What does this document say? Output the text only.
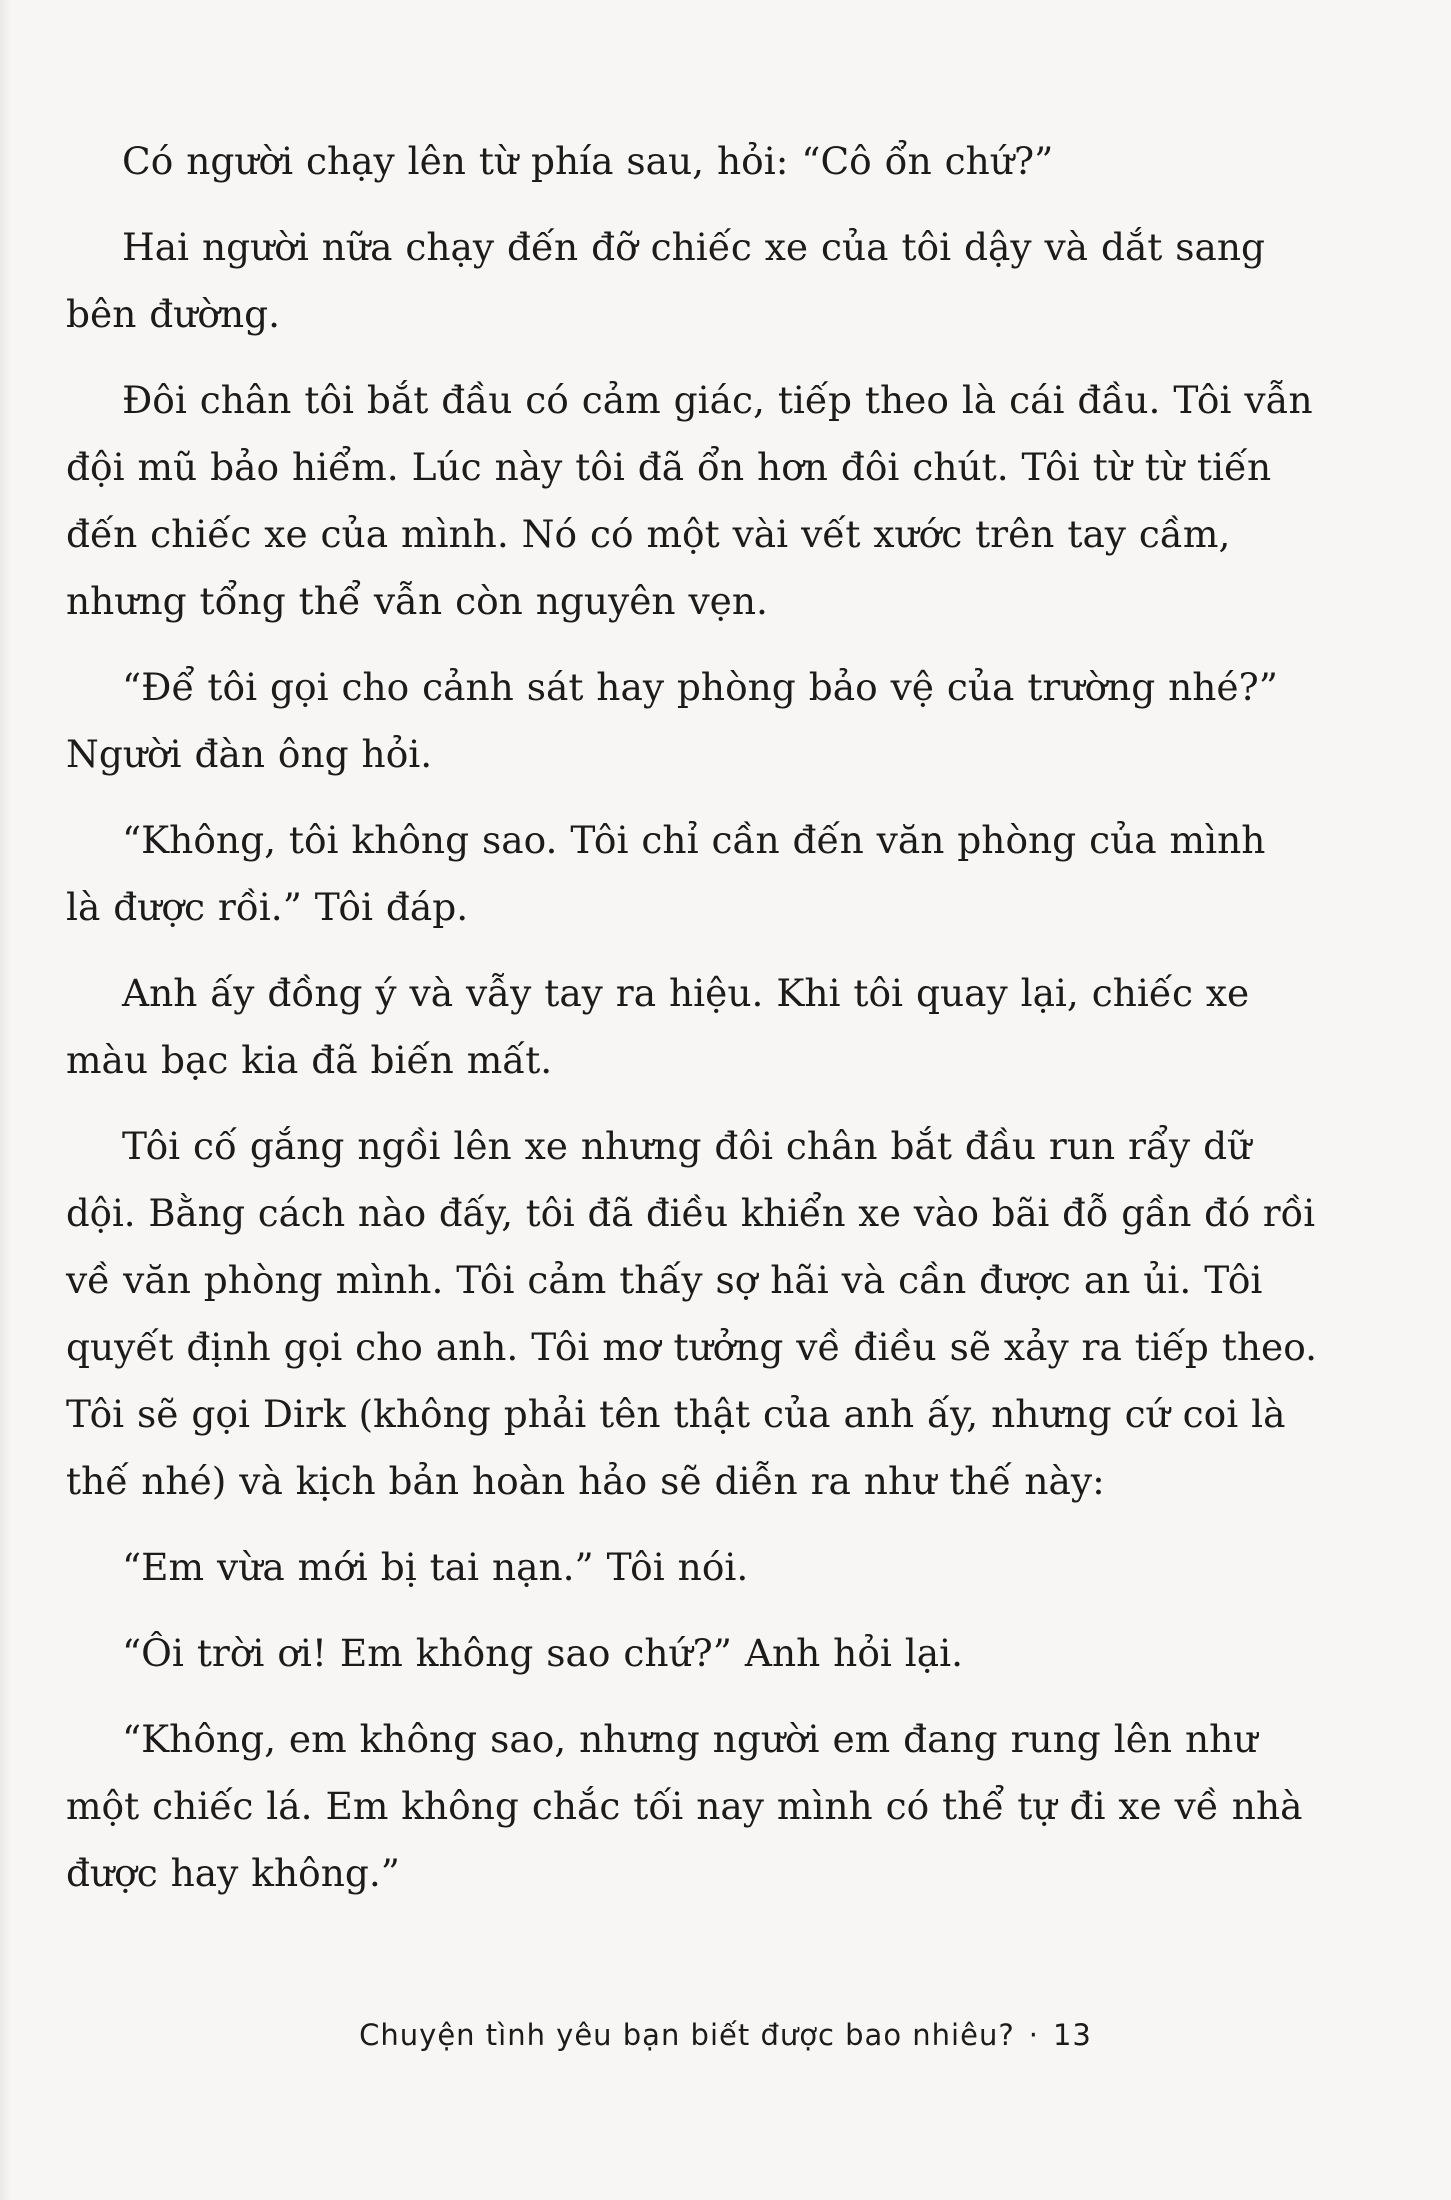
Có người chạy lên từ phía sau, hỏi: “Cô ổn chứ?”

Hai người nữa chạy đến đỡ chiếc xe của tôi dậy và dắt sang
bên đường.

Đôi chân tôi bắt đầu có cảm giác, tiếp theo là cái đầu. Tôi vẫn
đội mũ bảo hiểm. Lúc này tôi đã ổn hơn đôi chút. Tôi từ từ tiến
đến chiếc xe của mình. Nó có một vài vết xước trên tay cầm,
nhưng tổng thể vẫn còn nguyên vẹn.

“Để tôi gọi cho cảnh sát hay phòng bảo vệ của trường nhé?”
Người đàn ông hỏi.

“Không, tôi không sao. Tôi chỉ cần đến văn phòng của mình
là được rồi.” Tôi đáp.

Anh ấy đồng ý và vẫy tay ra hiệu. Khi tôi quay lại, chiếc xe
màu bạc kia đã biến mất.

Tôi cố gắng ngồi lên xe nhưng đôi chân bắt đầu run rẩy dữ
dội. Bằng cách nào đấy, tôi đã điều khiển xe vào bãi đỗ gần đó rồi
về văn phòng mình. Tôi cảm thấy sợ hãi và cần được an ủi. Tôi
quyết định gọi cho anh. Tôi mơ tưởng về điều sẽ xảy ra tiếp theo.
Tôi sẽ gọi Dirk (không phải tên thật của anh ấy, nhưng cứ coi là
thế nhé) và kịch bản hoàn hảo sẽ diễn ra như thế này:

“Em vừa mới bị tai nạn.” Tôi nói.

“Ôi trời ơi! Em không sao chứ?” Anh hỏi lại.

“Không, em không sao, nhưng người em đang rung lên như
một chiếc lá. Em không chắc tối nay mình có thể tự đi xe về nhà
được hay không.”

Chuyện tình yêu bạn biết được bao nhiêu? · 13
